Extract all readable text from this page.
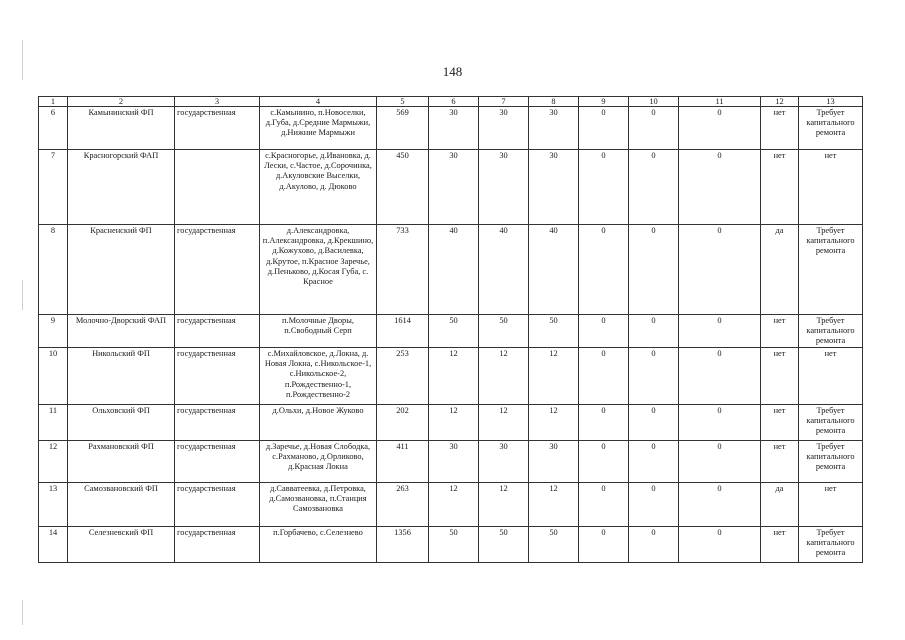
148
1	2	3	4	5	6	7	8	9	10	11	12	13
6	Камынинский ФП	государственная	с.Камынино, п.Новоселки, д.Губа, д.Средние Мармыжи, д.Нижние Мармыжи	569	30	30	30	0	0	0	нет	Требует капитального ремонта
7	Красногорский ФАП		с.Красногорье, д.Ивановка, д. Лески, с.Частое, д.Сорочинка, д.Акуловские Выселки, д.Акулово, д. Дюково	450	30	30	30	0	0	0	нет	нет
8	Красненский ФП	государственная	д.Александровка, п.Александровка, д.Крекшино, д.Кожухово, д.Василевка, д.Крутое, п.Красное Заречье, д.Пеньково, д.Косая Губа, с. Красное	733	40	40	40	0	0	0	да	Требует капитального ремонта
9	Молочно-Дворский ФАП	государственная	п.Молочные Дворы, п.Свободный Серп	1614	50	50	50	0	0	0	нет	Требует капитального ремонта
10	Никольский ФП	государственная	с.Михайловское, д.Локна, д. Новая Локна, с.Никольское-1, с.Никольское-2, п.Рождественно-1, п.Рождественно-2	253	12	12	12	0	0	0	нет	нет
11	Ольховский ФП	государственная	д.Ольхи, д.Новое Жуково	202	12	12	12	0	0	0	нет	Требует капитального ремонта
12	Рахмановский ФП	государственная	д.Заречье, д.Новая Слободка, с.Рахманово, д.Орликово, д.Красная Локна	411	30	30	30	0	0	0	нет	Требует капитального ремонта
13	Самозвановский ФП	государственная	д.Савватеевка, д.Петровка, д.Самозвановка, п.Станция Самозвановка	263	12	12	12	0	0	0	да	нет
14	Селезневский ФП	государственная	п.Горбачево, с.Селезнево	1356	50	50	50	0	0	0	нет	Требует капитального ремонта
